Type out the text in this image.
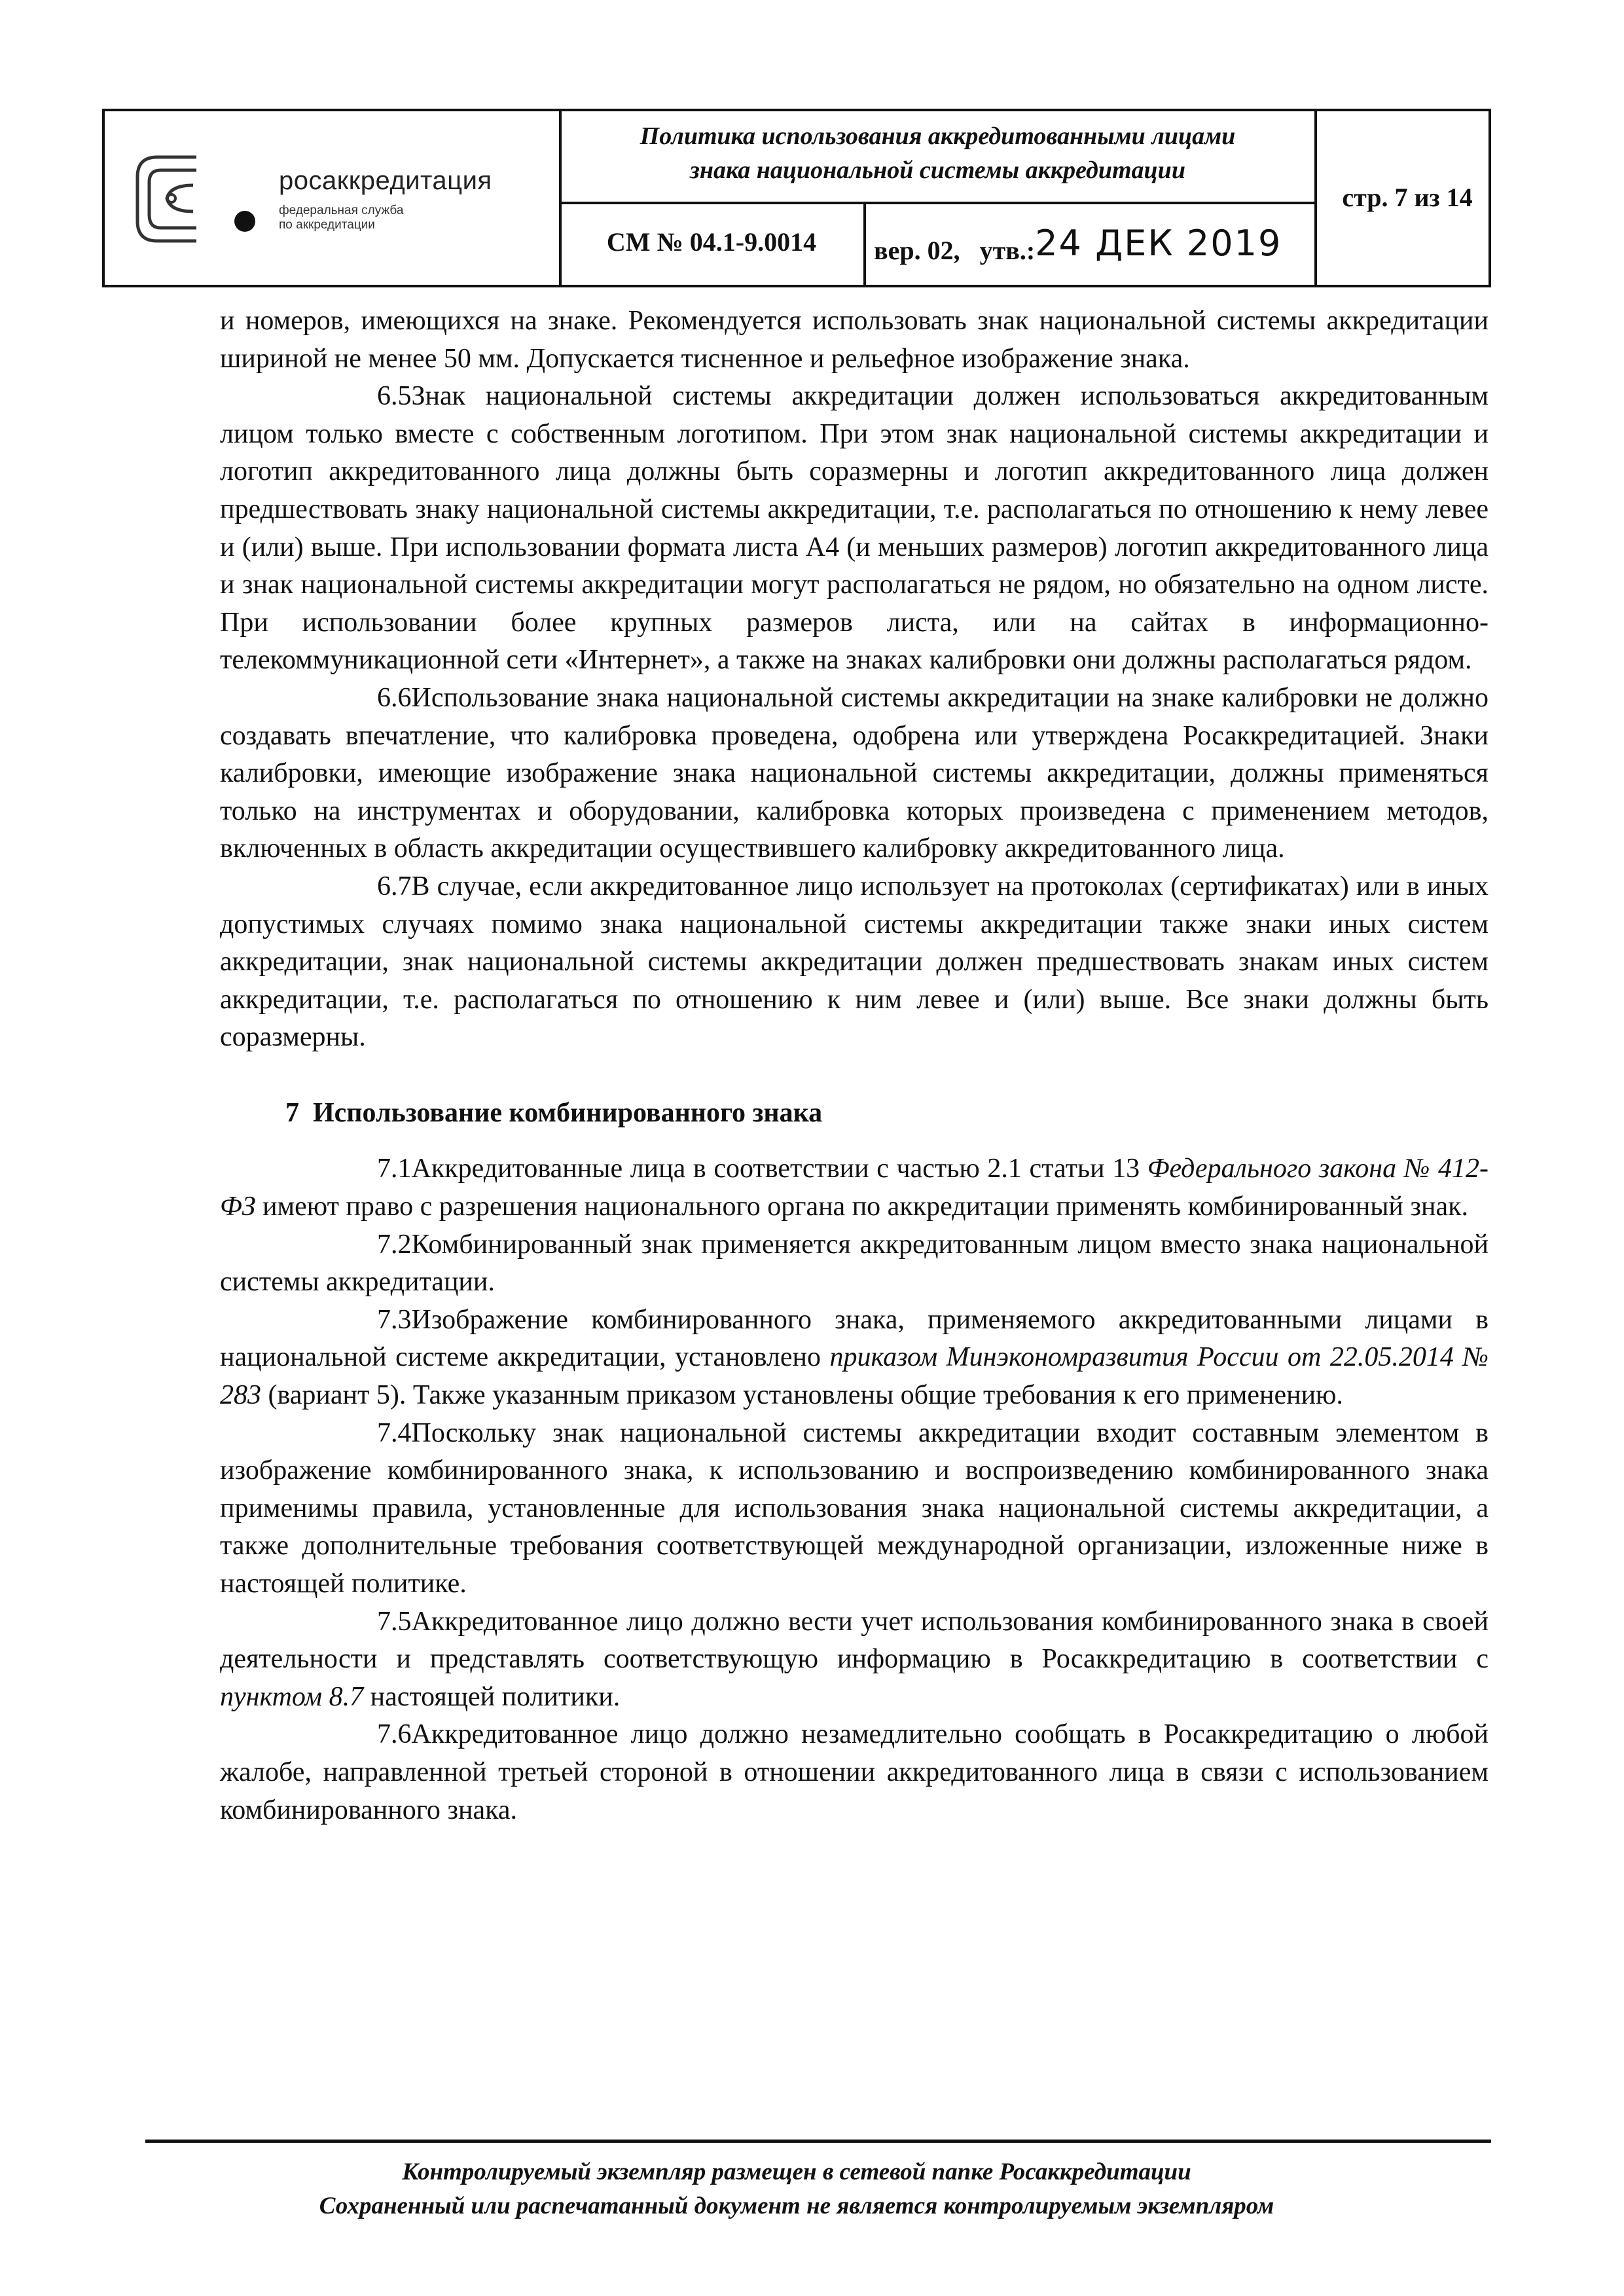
росаккредитация
федеральная служба
по аккредитации
Политика использования аккредитованными лицами
знака национальной системы аккредитации
СМ № 04.1-9.0014	вер. 02, утв.:24 ДЕК 2019
стр. 7 из 14

и номеров, имеющихся на знаке. Рекомендуется использовать знак национальной системы аккредитации шириной не менее 50 мм. Допускается тисненное и рельефное изображение знака.

6.5Знак национальной системы аккредитации должен использоваться аккредитованным лицом только вместе с собственным логотипом. При этом знак национальной системы аккредитации и логотип аккредитованного лица должны быть соразмерны и логотип аккредитованного лица должен предшествовать знаку национальной системы аккредитации, т.е. располагаться по отношению к нему левее и (или) выше. При использовании формата листа А4 (и меньших размеров) логотип аккредитованного лица и знак национальной системы аккредитации могут располагаться не рядом, но обязательно на одном листе. При использовании более крупных размеров листа, или на сайтах в информационно-телекоммуникационной сети «Интернет», а также на знаках калибровки они должны располагаться рядом.

6.6Использование знака национальной системы аккредитации на знаке калибровки не должно создавать впечатление, что калибровка проведена, одобрена или утверждена Росаккредитацией. Знаки калибровки, имеющие изображение знака национальной системы аккредитации, должны применяться только на инструментах и оборудовании, калибровка которых произведена с применением методов, включенных в область аккредитации осуществившего калибровку аккредитованного лица.

6.7В случае, если аккредитованное лицо использует на протоколах (сертификатах) или в иных допустимых случаях помимо знака национальной системы аккредитации также знаки иных систем аккредитации, знак национальной системы аккредитации должен предшествовать знакам иных систем аккредитации, т.е. располагаться по отношению к ним левее и (или) выше. Все знаки должны быть соразмерны.

7 Использование комбинированного знака

7.1Аккредитованные лица в соответствии с частью 2.1 статьи 13 Федерального закона № 412-ФЗ имеют право с разрешения национального органа по аккредитации применять комбинированный знак.

7.2Комбинированный знак применяется аккредитованным лицом вместо знака национальной системы аккредитации.

7.3Изображение комбинированного знака, применяемого аккредитованными лицами в национальной системе аккредитации, установлено приказом Минэкономразвития России от 22.05.2014 № 283 (вариант 5). Также указанным приказом установлены общие требования к его применению.

7.4Поскольку знак национальной системы аккредитации входит составным элементом в изображение комбинированного знака, к использованию и воспроизведению комбинированного знака применимы правила, установленные для использования знака национальной системы аккредитации, а также дополнительные требования соответствующей международной организации, изложенные ниже в настоящей политике.

7.5Аккредитованное лицо должно вести учет использования комбинированного знака в своей деятельности и представлять соответствующую информацию в Росаккредитацию в соответствии с пунктом 8.7 настоящей политики.

7.6Аккредитованное лицо должно незамедлительно сообщать в Росаккредитацию о любой жалобе, направленной третьей стороной в отношении аккредитованного лица в связи с использованием комбинированного знака.

Контролируемый экземпляр размещен в сетевой папке Росаккредитации
Сохраненный или распечатанный документ не является контролируемым экземпляром
